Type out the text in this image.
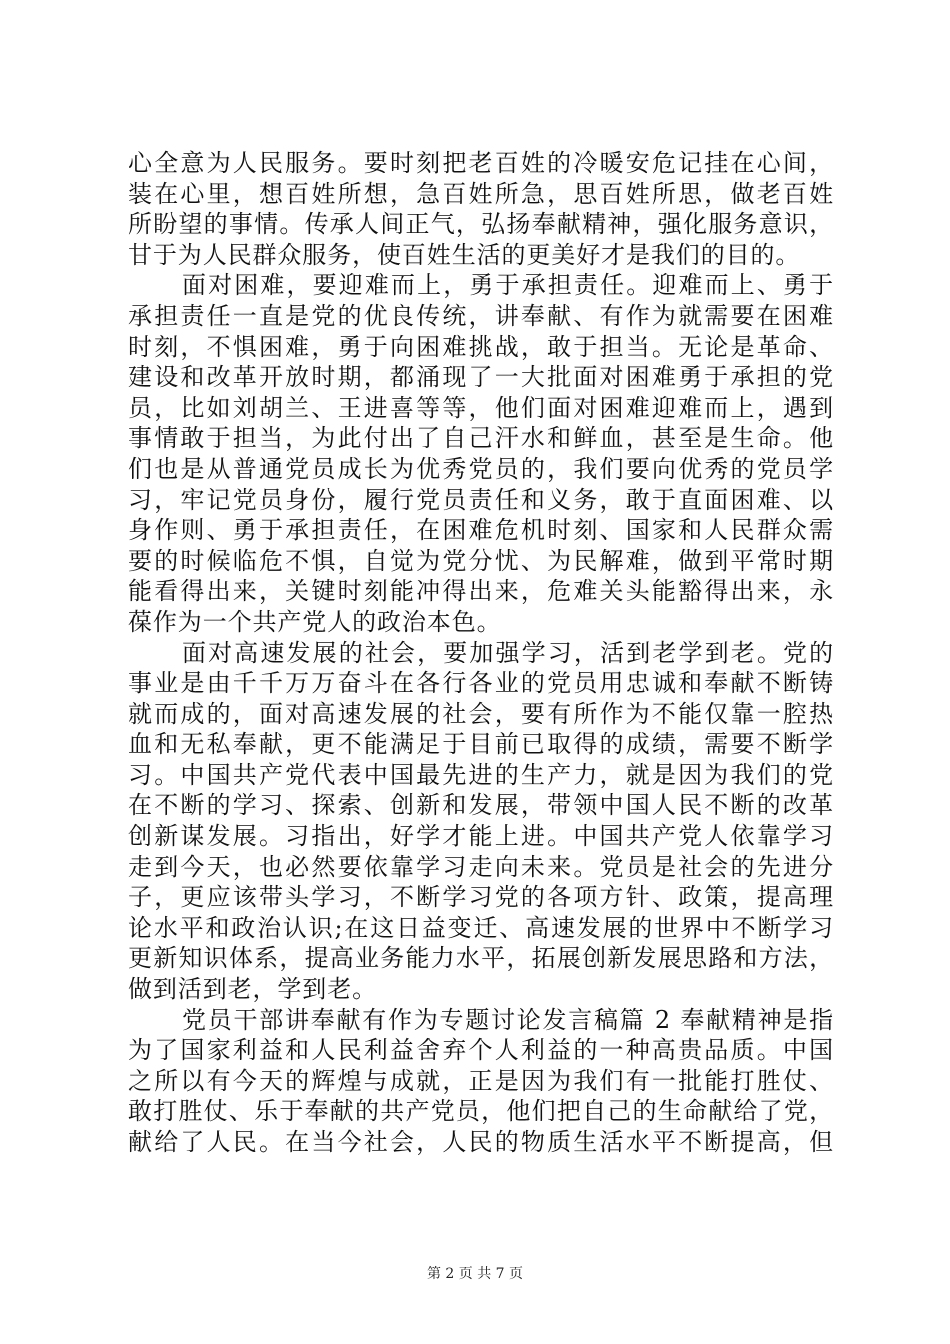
心全意为人民服务。要时刻把老百姓的冷暖安危记挂在心间，
装在心里，想百姓所想，急百姓所急，思百姓所思，做老百姓
所盼望的事情。传承人间正气，弘扬奉献精神，强化服务意识，
甘于为人民群众服务，使百姓生活的更美好才是我们的目的。
面对困难，要迎难而上，勇于承担责任。迎难而上、勇于
承担责任一直是党的优良传统，讲奉献、有作为就需要在困难
时刻，不惧困难，勇于向困难挑战，敢于担当。无论是革命、
建设和改革开放时期，都涌现了一大批面对困难勇于承担的党
员，比如刘胡兰、王进喜等等，他们面对困难迎难而上，遇到
事情敢于担当，为此付出了自己汗水和鲜血，甚至是生命。他
们也是从普通党员成长为优秀党员的，我们要向优秀的党员学
习，牢记党员身份，履行党员责任和义务，敢于直面困难、以
身作则、勇于承担责任，在困难危机时刻、国家和人民群众需
要的时候临危不惧，自觉为党分忧、为民解难，做到平常时期
能看得出来，关键时刻能冲得出来，危难关头能豁得出来，永
葆作为一个共产党人的政治本色。
面对高速发展的社会，要加强学习，活到老学到老。党的
事业是由千千万万奋斗在各行各业的党员用忠诚和奉献不断铸
就而成的，面对高速发展的社会，要有所作为不能仅靠一腔热
血和无私奉献，更不能满足于目前已取得的成绩，需要不断学
习。中国共产党代表中国最先进的生产力，就是因为我们的党
在不断的学习、探索、创新和发展，带领中国人民不断的改革
创新谋发展。习指出，好学才能上进。中国共产党人依靠学习
走到今天，也必然要依靠学习走向未来。党员是社会的先进分
子，更应该带头学习，不断学习党的各项方针、政策，提高理
论水平和政治认识;在这日益变迁、高速发展的世界中不断学习
更新知识体系，提高业务能力水平，拓展创新发展思路和方法，
做到活到老，学到老。
党员干部讲奉献有作为专题讨论发言稿篇 2 奉献精神是指
为了国家利益和人民利益舍弃个人利益的一种高贵品质。中国
之所以有今天的辉煌与成就，正是因为我们有一批能打胜仗、
敢打胜仗、乐于奉献的共产党员，他们把自己的生命献给了党，
献给了人民。在当今社会，人民的物质生活水平不断提高，但
第 2 页 共 7 页
